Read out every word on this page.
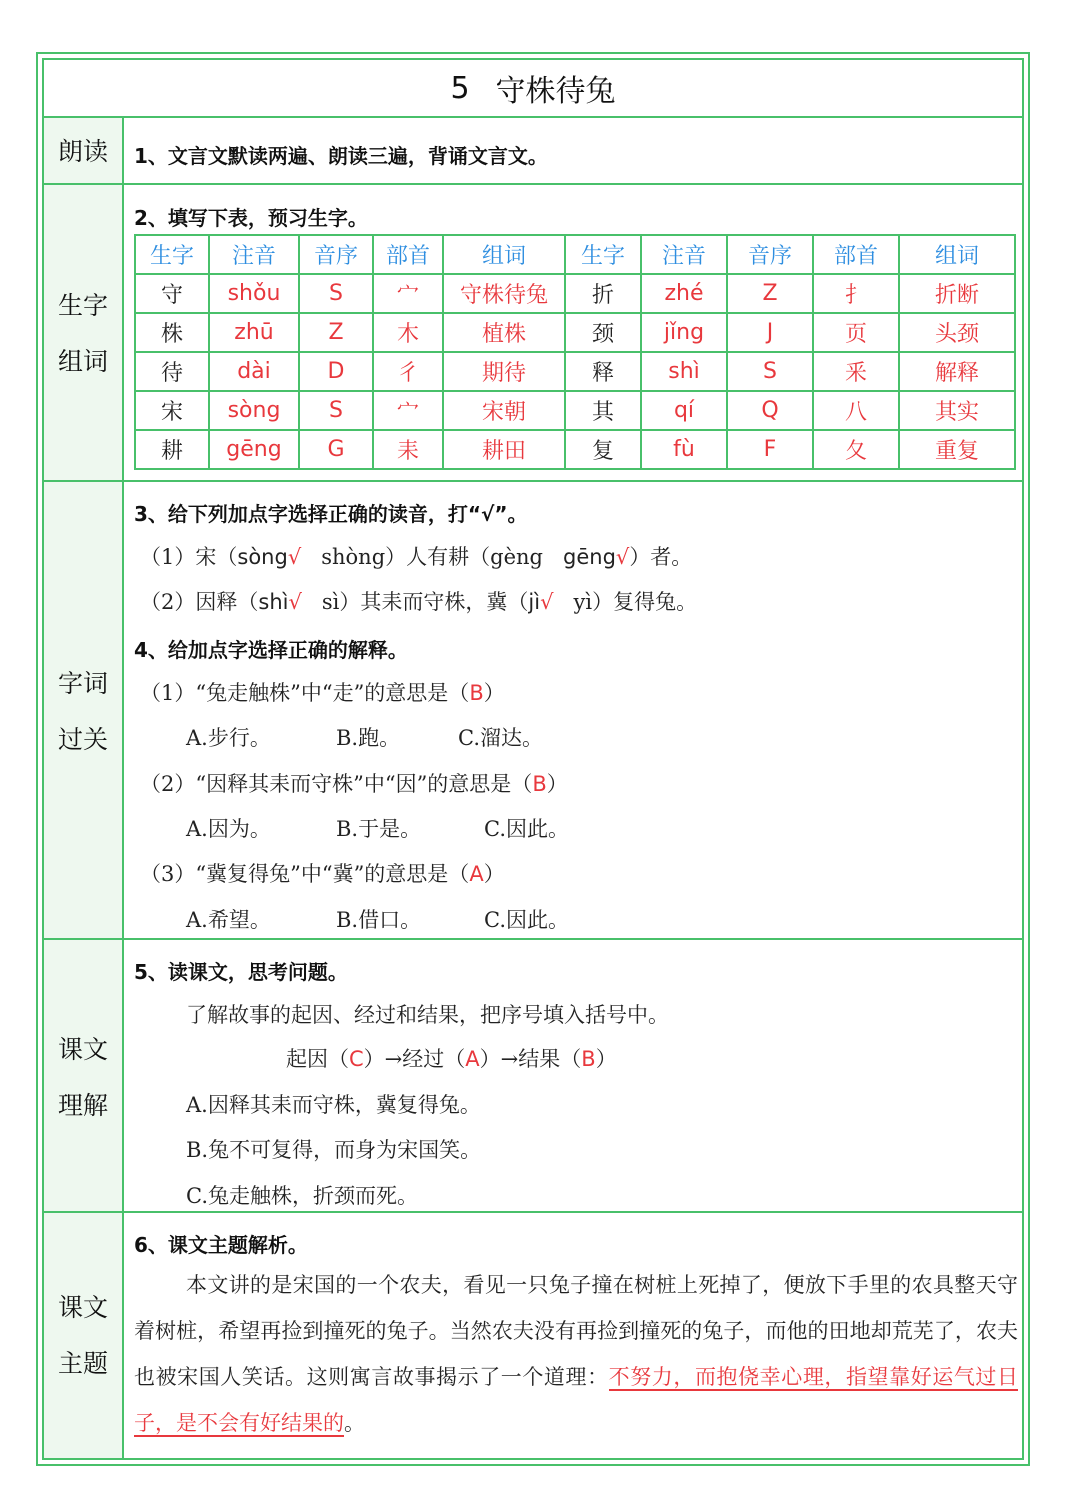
5 守株待兔
朗读	1、文言文默读两遍、朗读三遍，背诵文言文。
生字
组词
2、填写下表，预习生字。
生字	注音	音序	部首	组词	生字	注音	音序	部首	组词
守	shǒu	S	宀	守株待兔	折	zhé	Z	扌	折断
株	zhū	Z	木	植株	颈	jǐng	J	页	头颈
待	dài	D	彳	期待	释	shì	S	釆	解释
宋	sòng	S	宀	宋朝	其	qí	Q	八	其实
耕	gēng	G	耒	耕田	复	fù	F	夂	重复
字词
过关
3、给下列加点字选择正确的读音，打“√”。
（1）宋（sòng√ shòng）人有耕（gèng gēng√）者。
（2）因释（shì√ sì）其耒而守株，冀（jì√ yì）复得兔。
4、给加点字选择正确的解释。
（1）“兔走触株”中“走”的意思是（B）
A.步行。	B.跑。	C.溜达。
（2）“因释其耒而守株”中“因”的意思是（B）
A.因为。	B.于是。	C.因此。
（3）“冀复得兔”中“冀”的意思是（A）
A.希望。	B.借口。	C.因此。
课文
理解
5、读课文，思考问题。
了解故事的起因、经过和结果，把序号填入括号中。
起因（C）→经过（A）→结果（B）
A.因释其耒而守株，冀复得兔。
B.兔不可复得，而身为宋国笑。
C.兔走触株，折颈而死。
课文
主题
6、课文主题解析。
本文讲的是宋国的一个农夫，看见一只兔子撞在树桩上死掉了，便放下手里的农具整天守着树桩，希望再捡到撞死的兔子。当然农夫没有再捡到撞死的兔子，而他的田地却荒芜了，农夫也被宋国人笑话。这则寓言故事揭示了一个道理：不努力，而抱侥幸心理，指望靠好运气过日子，是不会有好结果的。
